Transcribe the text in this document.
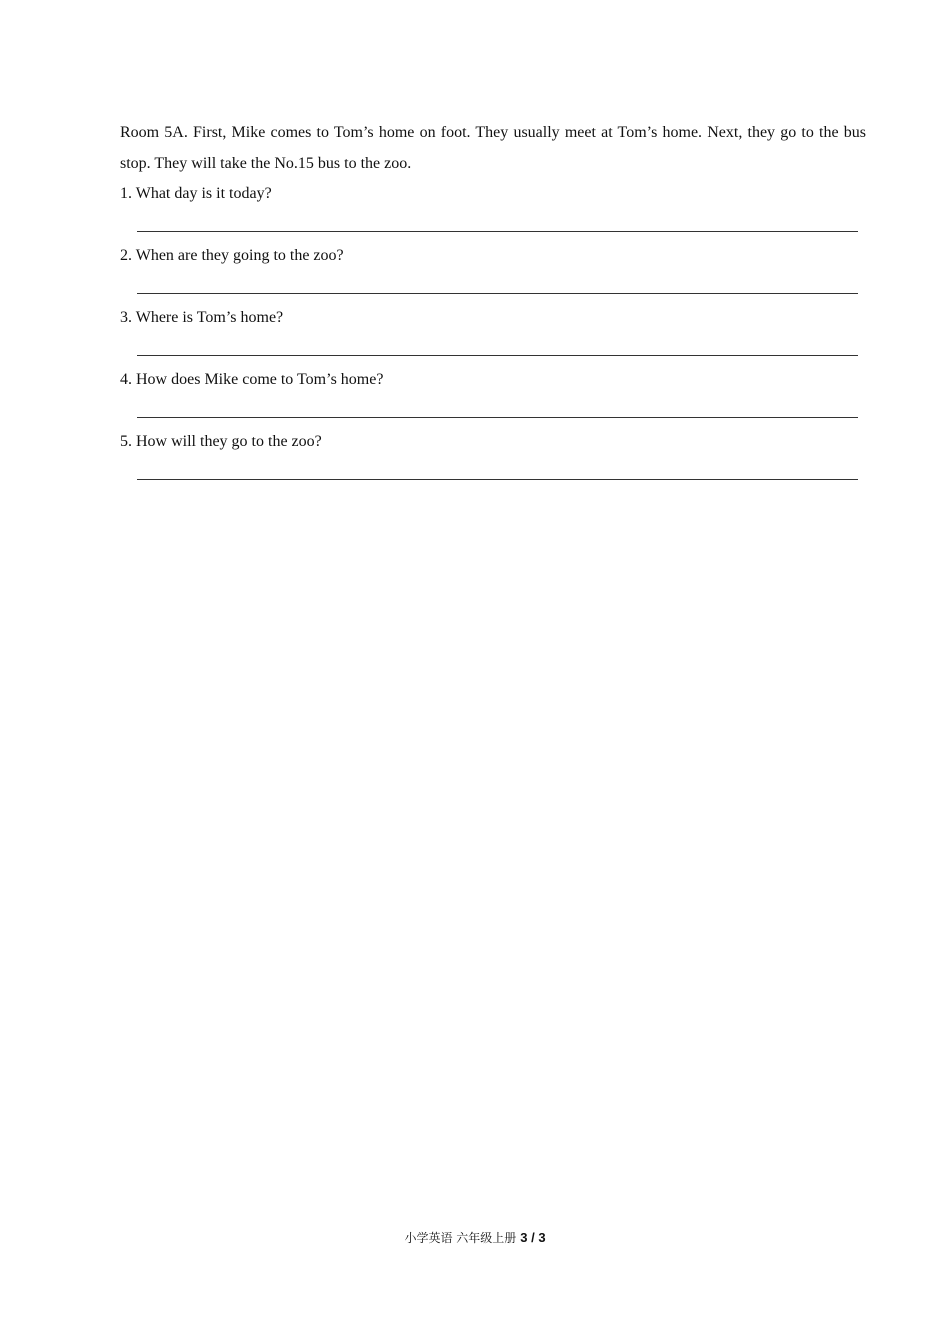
Room 5A. First, Mike comes to Tom’s home on foot. They usually meet at Tom’s home. Next, they go to the bus stop. They will take the No.15 bus to the zoo.

1. What day is it today?
2. When are they going to the zoo?
3. Where is Tom’s home?
4. How does Mike come to Tom’s home?
5. How will they go to the zoo?
小学英语 六年级上册 3 / 3
